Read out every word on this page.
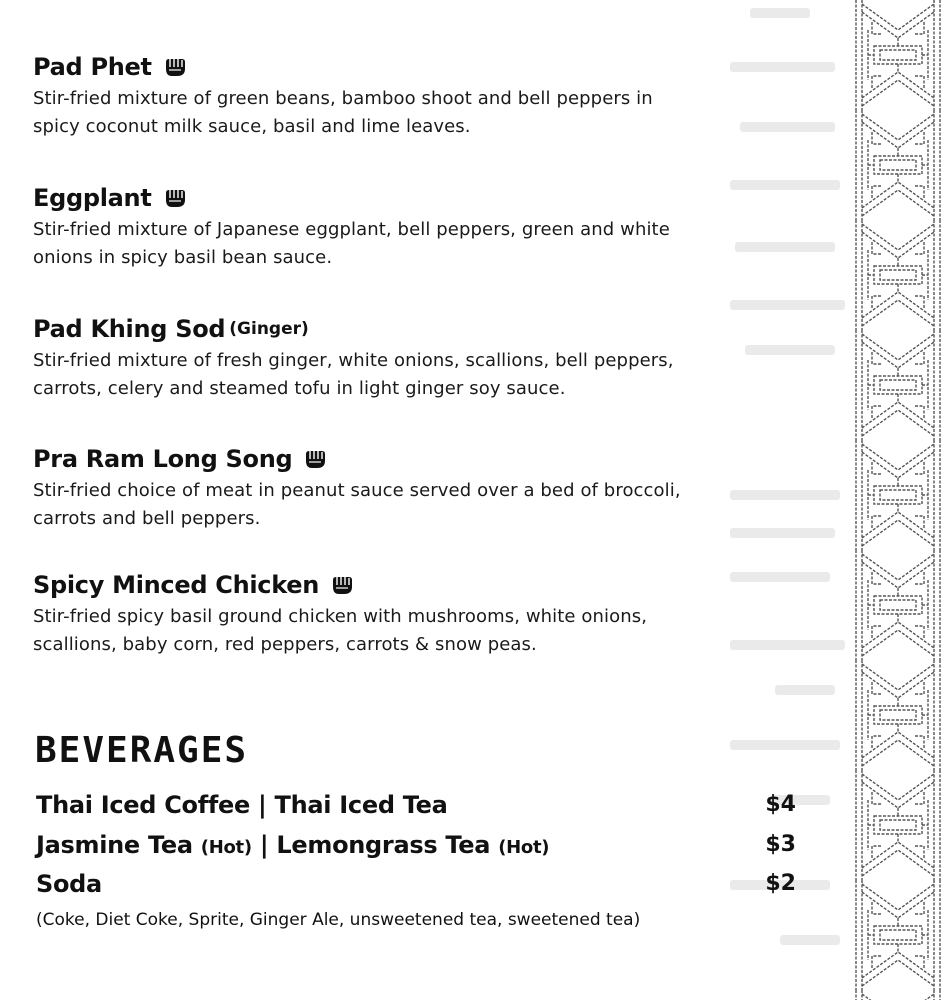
Pad Phet
Stir-fried mixture of green beans, bamboo shoot and bell peppers in
spicy coconut milk sauce, basil and lime leaves.
Eggplant
Stir-fried mixture of Japanese eggplant, bell peppers, green and white
onions in spicy basil bean sauce.
Pad Khing Sod (Ginger)
Stir-fried mixture of fresh ginger, white onions, scallions, bell peppers,
carrots, celery and steamed tofu in light ginger soy sauce.
Pra Ram Long Song
Stir-fried choice of meat in peanut sauce served over a bed of broccoli,
carrots and bell peppers.
Spicy Minced Chicken
Stir-fried spicy basil ground chicken with mushrooms, white onions,
scallions, baby corn, red peppers, carrots & snow peas.
BEVERAGES
Thai Iced Coffee | Thai Iced Tea	$4
Jasmine Tea (Hot) | Lemongrass Tea (Hot)	$3
Soda	$2
(Coke, Diet Coke, Sprite, Ginger Ale, unsweetened tea, sweetened tea)
